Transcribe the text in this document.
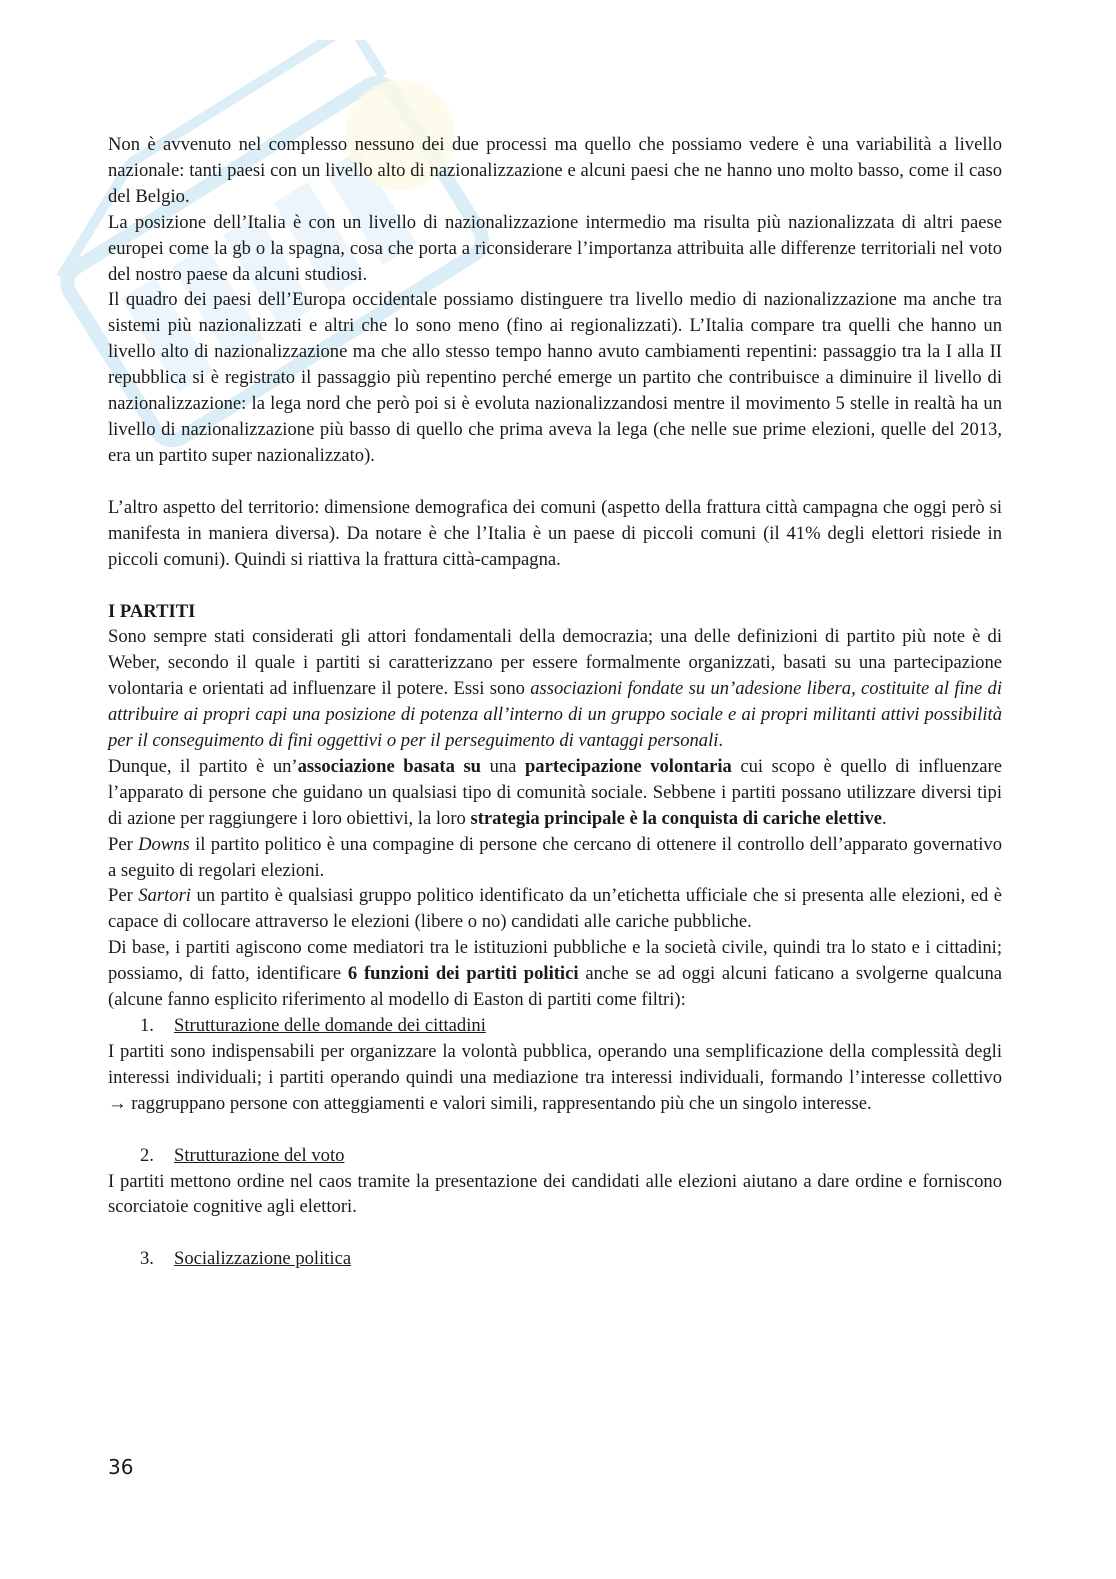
Non è avvenuto nel complesso nessuno dei due processi ma quello che possiamo vedere è una variabilità a livello nazionale: tanti paesi con un livello alto di nazionalizzazione e alcuni paesi che ne hanno uno molto basso, come il caso del Belgio.

La posizione dell’Italia è con un livello di nazionalizzazione intermedio ma risulta più nazionalizzata di altri paese europei come la gb o la spagna, cosa che porta a riconsiderare l’importanza attribuita alle differenze territoriali nel voto del nostro paese da alcuni studiosi.

Il quadro dei paesi dell’Europa occidentale possiamo distinguere tra livello medio di nazionalizzazione ma anche tra sistemi più nazionalizzati e altri che lo sono meno (fino ai regionalizzati). L’Italia compare tra quelli che hanno un livello alto di nazionalizzazione ma che allo stesso tempo hanno avuto cambiamenti repentini: passaggio tra la I alla II repubblica si è registrato il passaggio più repentino perché emerge un partito che contribuisce a diminuire il livello di nazionalizzazione: la lega nord che però poi si è evoluta nazionalizzandosi mentre il movimento 5 stelle in realtà ha un livello di nazionalizzazione più basso di quello che prima aveva la lega (che nelle sue prime elezioni, quelle del 2013, era un partito super nazionalizzato).

L’altro aspetto del territorio: dimensione demografica dei comuni (aspetto della frattura città campagna che oggi però si manifesta in maniera diversa). Da notare è che l’Italia è un paese di piccoli comuni (il 41% degli elettori risiede in piccoli comuni). Quindi si riattiva la frattura città-campagna.

I PARTITI

Sono sempre stati considerati gli attori fondamentali della democrazia; una delle definizioni di partito più note è di Weber, secondo il quale i partiti si caratterizzano per essere formalmente organizzati, basati su una partecipazione volontaria e orientati ad influenzare il potere. Essi sono associazioni fondate su un’adesione libera, costituite al fine di attribuire ai propri capi una posizione di potenza all’interno di un gruppo sociale e ai propri militanti attivi possibilità per il conseguimento di fini oggettivi o per il perseguimento di vantaggi personali.

Dunque, il partito è un’associazione basata su una partecipazione volontaria cui scopo è quello di influenzare l’apparato di persone che guidano un qualsiasi tipo di comunità sociale. Sebbene i partiti possano utilizzare diversi tipi di azione per raggiungere i loro obiettivi, la loro strategia principale è la conquista di cariche elettive.

Per Downs il partito politico è una compagine di persone che cercano di ottenere il controllo dell’apparato governativo a seguito di regolari elezioni.

Per Sartori un partito è qualsiasi gruppo politico identificato da un’etichetta ufficiale che si presenta alle elezioni, ed è capace di collocare attraverso le elezioni (libere o no) candidati alle cariche pubbliche.

Di base, i partiti agiscono come mediatori tra le istituzioni pubbliche e la società civile, quindi tra lo stato e i cittadini; possiamo, di fatto, identificare 6 funzioni dei partiti politici anche se ad oggi alcuni faticano a svolgerne qualcuna (alcune fanno esplicito riferimento al modello di Easton di partiti come filtri):

1. Strutturazione delle domande dei cittadini

I partiti sono indispensabili per organizzare la volontà pubblica, operando una semplificazione della complessità degli interessi individuali; i partiti operando quindi una mediazione tra interessi individuali, formando l’interesse collettivo → raggruppano persone con atteggiamenti e valori simili, rappresentando più che un singolo interesse.

2. Strutturazione del voto

I partiti mettono ordine nel caos tramite la presentazione dei candidati alle elezioni aiutano a dare ordine e forniscono scorciatoie cognitive agli elettori.

3. Socializzazione politica

36
